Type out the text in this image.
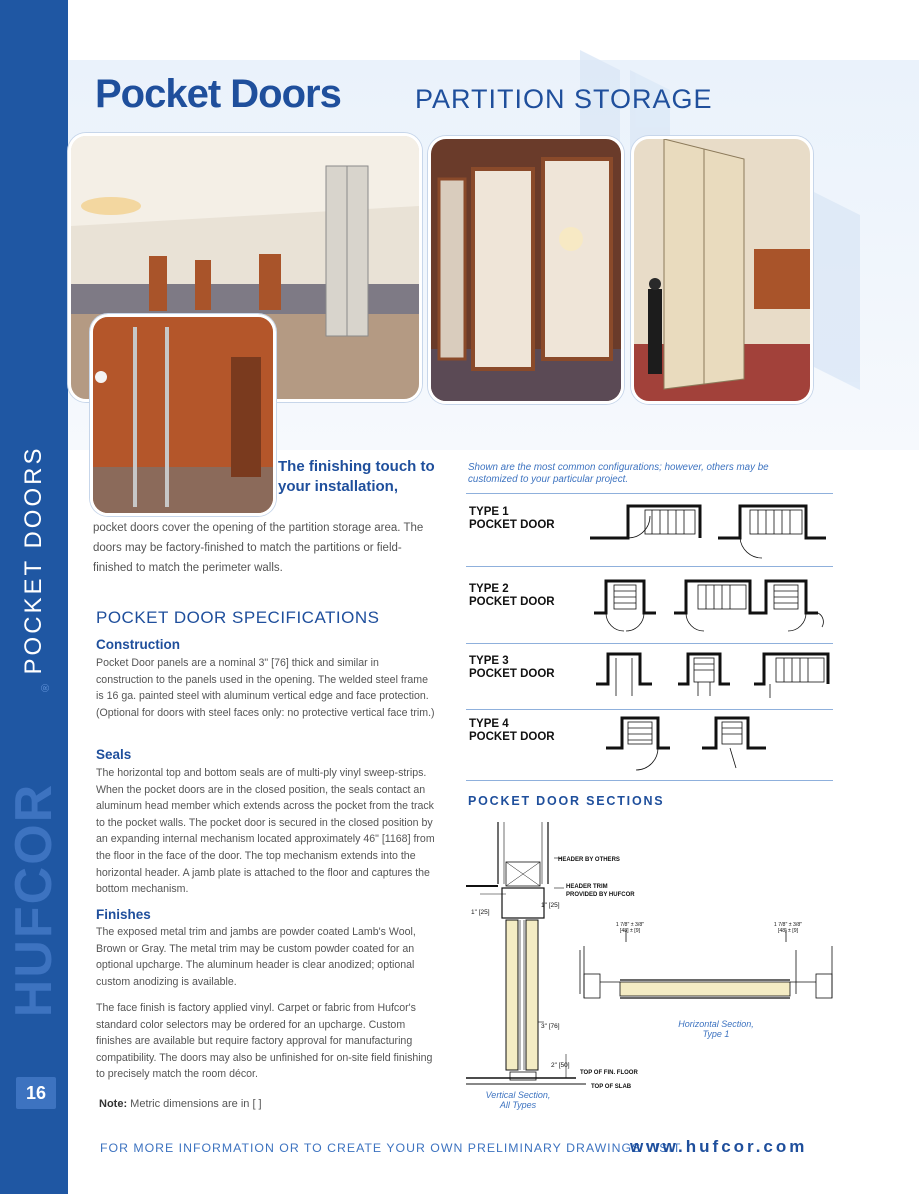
POCKET DOORS
HUFCOR
®
16
Pocket Doors	PARTITION STORAGE
The finishing touch to your installation,
pocket doors cover the opening of the partition storage area. The doors may be factory-finished to match the partitions or field-finished to match the perimeter walls.
POCKET DOOR SPECIFICATIONS
Construction
Pocket Door panels are a nominal 3" [76] thick and similar in construction to the panels used in the opening. The welded steel frame is 16 ga. painted steel with aluminum vertical edge and face protection. (Optional for doors with steel faces only: no protective vertical face trim.)
Seals
The horizontal top and bottom seals are of multi-ply vinyl sweep-strips. When the pocket doors are in the closed position, the seals contact an aluminum head member which extends across the pocket from the track to the pocket walls. The pocket door is secured in the closed position by an expanding internal mechanism located approximately 46" [1168] from the floor in the face of the door. The top mechanism extends into the horizontal header. A jamb plate is attached to the floor and captures the bottom mechanism.
Finishes
The exposed metal trim and jambs are powder coated Lamb's Wool, Brown or Gray. The metal trim may be custom powder coated for an optional upcharge. The aluminum header is clear anodized; optional custom anodizing is available.
The face finish is factory applied vinyl. Carpet or fabric from Hufcor's standard color selectors may be ordered for an upcharge. Custom finishes are available but require factory approval for manufacturing compatibility. The doors may also be unfinished for on-site field finishing to precisely match the room décor.
Note: Metric dimensions are in [ ]
Shown are the most common configurations; however, others may be customized to your particular project.
TYPE 1
POCKET DOOR
TYPE 2
POCKET DOOR
TYPE 3
POCKET DOOR
TYPE 4
POCKET DOOR
POCKET DOOR SECTIONS
HEADER BY OTHERS
HEADER TRIM
PROVIDED BY HUFCOR
1" [25]
1" [25]
3" [76]
2" [50]
TOP OF FIN. FLOOR
TOP OF SLAB
Vertical Section,
All Types
1 7/8" ± 3/8"
[48] ± [9]
1 7/8" ± 3/8"
[48] ± [9]
Horizontal Section,
Type 1
FOR MORE INFORMATION OR TO CREATE YOUR OWN PRELIMINARY DRAWINGS VISIT
www.hufcor.com
